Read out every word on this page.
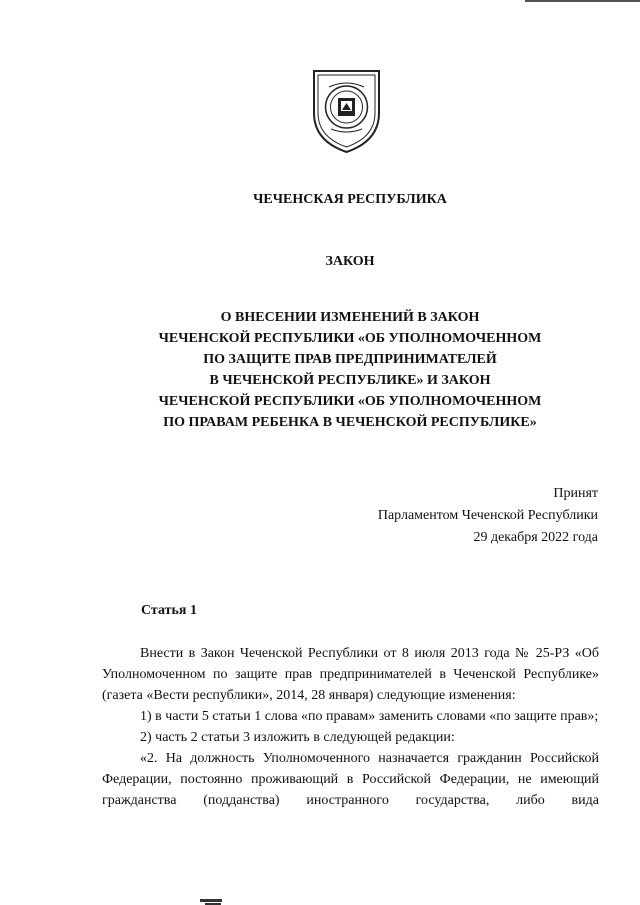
ЧЕЧЕНСКАЯ РЕСПУБЛИКА
ЗАКОН
О ВНЕСЕНИИ ИЗМЕНЕНИЙ В ЗАКОН
ЧЕЧЕНСКОЙ РЕСПУБЛИКИ «ОБ УПОЛНОМОЧЕННОМ
ПО ЗАЩИТЕ ПРАВ ПРЕДПРИНИМАТЕЛЕЙ
В ЧЕЧЕНСКОЙ РЕСПУБЛИКЕ» И ЗАКОН
ЧЕЧЕНСКОЙ РЕСПУБЛИКИ «ОБ УПОЛНОМОЧЕННОМ
ПО ПРАВАМ РЕБЕНКА В ЧЕЧЕНСКОЙ РЕСПУБЛИКЕ»
Принят
Парламентом Чеченской Республики
29 декабря 2022 года
Статья 1

Внести в Закон Чеченской Республики от 8 июля 2013 года № 25-РЗ «Об Уполномоченном по защите прав предпринимателей в Чеченской Республике» (газета «Вести республики», 2014, 28 января) следующие изменения:

1) в части 5 статьи 1 слова «по правам» заменить словами «по защите прав»;

2) часть 2 статьи 3 изложить в следующей редакции:

«2. На должность Уполномоченного назначается гражданин Российской Федерации, постоянно проживающий в Российской Федерации, не имеющий гражданства (подданства) иностранного государства, либо вида
